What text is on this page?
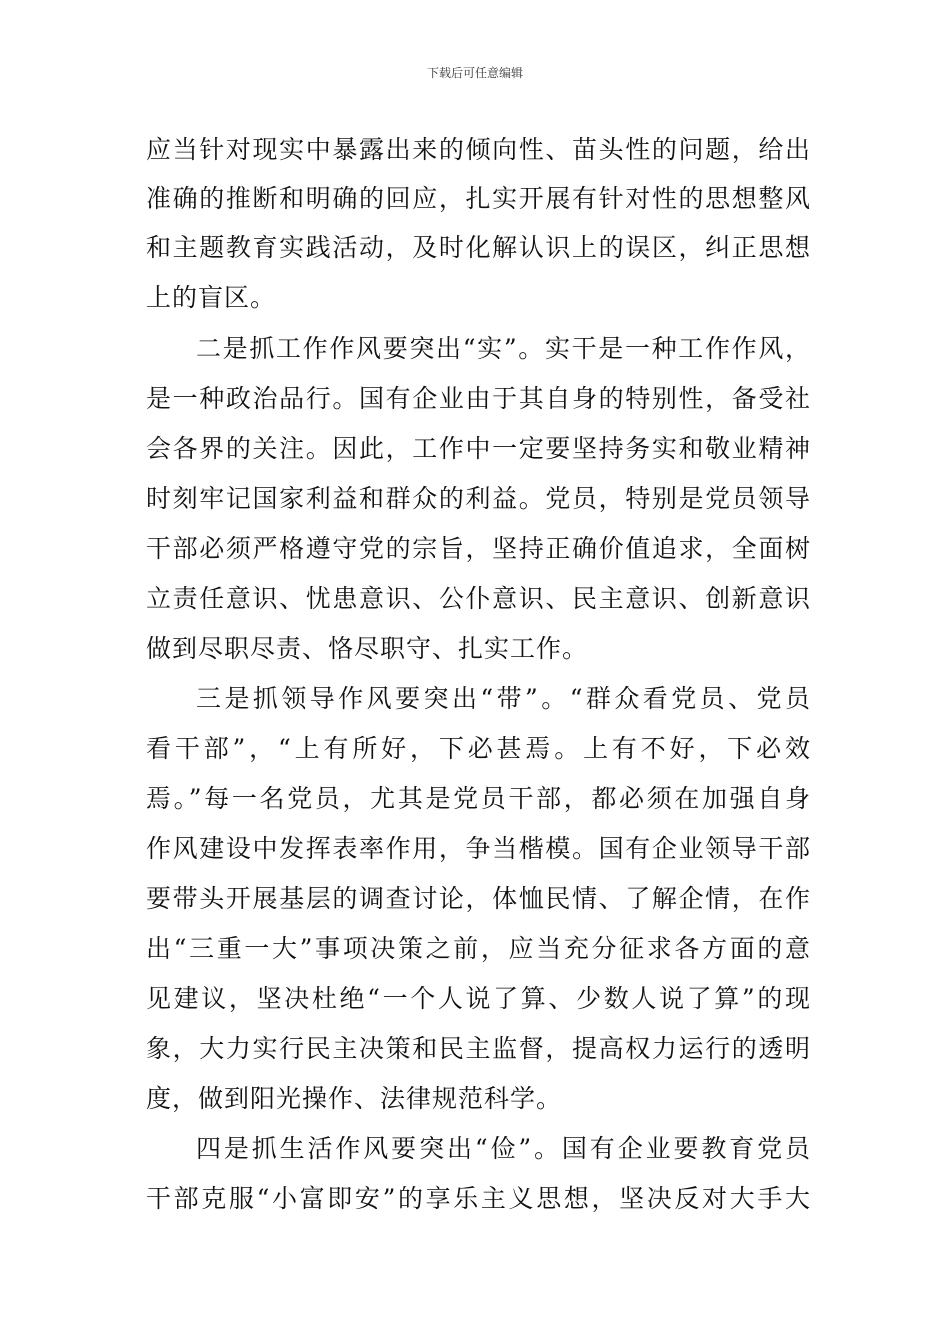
下载后可任意编辑
应当针对现实中暴露出来的倾向性、苗头性的问题，给出
准确的推断和明确的回应，扎实开展有针对性的思想整风
和主题教育实践活动，及时化解认识上的误区，纠正思想
上的盲区。
二是抓工作作风要突出“实”。实干是一种工作作风，
是一种政治品行。国有企业由于其自身的特别性，备受社
会各界的关注。因此，工作中一定要坚持务实和敬业精神
时刻牢记国家利益和群众的利益。党员，特别是党员领导
干部必须严格遵守党的宗旨，坚持正确价值追求，全面树
立责任意识、忧患意识、公仆意识、民主意识、创新意识
做到尽职尽责、恪尽职守、扎实工作。
三是抓领导作风要突出“带”。“群众看党员、党员
看干部”，“上有所好，下必甚焉。上有不好，下必效
焉。”每一名党员，尤其是党员干部，都必须在加强自身
作风建设中发挥表率作用，争当楷模。国有企业领导干部
要带头开展基层的调查讨论，体恤民情、了解企情，在作
出“三重一大”事项决策之前，应当充分征求各方面的意
见建议，坚决杜绝“一个人说了算、少数人说了算”的现
象，大力实行民主决策和民主监督，提高权力运行的透明
度，做到阳光操作、法律规范科学。
四是抓生活作风要突出“俭”。国有企业要教育党员
干部克服“小富即安”的享乐主义思想，坚决反对大手大
